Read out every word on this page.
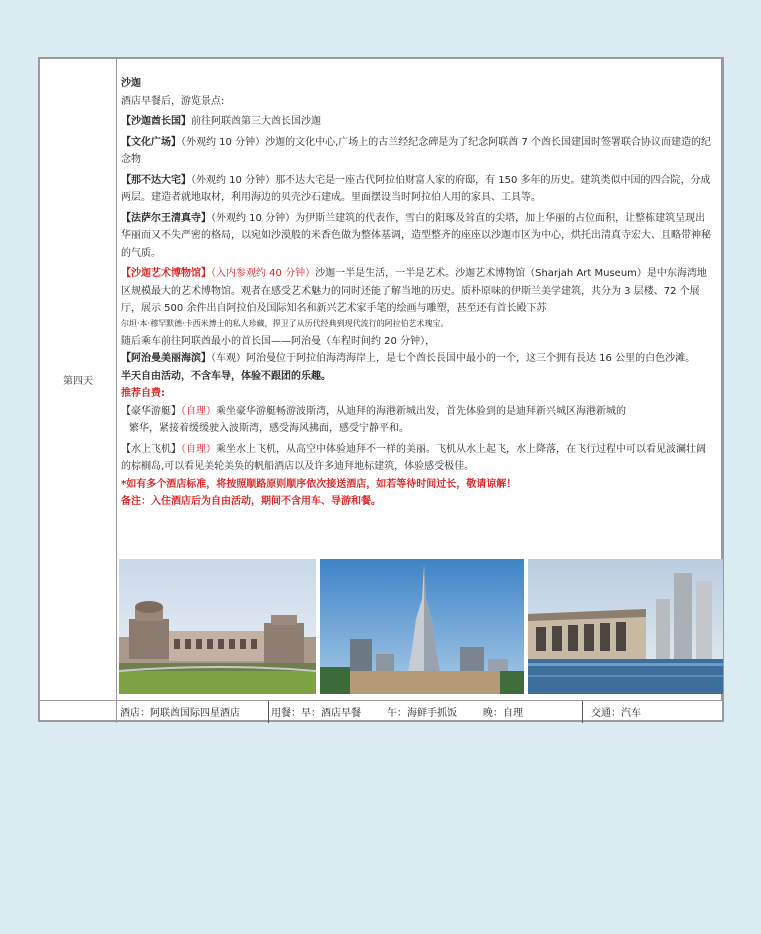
第四天

沙迦

酒店早餐后，游览景点:

【沙迦酋长国】前往阿联酋第三大酋长国沙迦

【文化广场】（外观约 10 分钟）沙迦的文化中心,广场上的古兰经纪念碑是为了纪念阿联酋 7 个酋长国建国时签署联合协议而建造的纪念物

【那不达大宅】（外观约 10 分钟）那不达大宅是一座古代阿拉伯财富人家的府邸，有 150 多年的历史。建筑类似中国的四合院，分成两层。建造者就地取材，利用海边的贝壳沙石建成。里面摆设当时阿拉伯人用的家具、工具等。

【法萨尔王清真寺】（外观约 10 分钟）为伊斯兰建筑的代表作，雪白的阳琢及耸直的尖塔，加上华丽的占位面积，让整栋建筑呈现出华丽而又不失严密的格局，以宛如沙漠般的米香色做为整体基调，造型整齐的座座以沙迦市区为中心，烘托出清真寺宏大、且略带神秘的气质。

【沙迦艺术博物馆】（入内参观约 40 分钟）沙迦一半是生活，一半是艺术。沙迦艺术博物馆（Sharjah Art Museum）是中东海湾地区规模最大的艺术博物馆。观者在感受艺术魅力的同时还能了解当地的历史。质朴原味的伊斯兰美学建筑，共分为 3 层楼、72 个展厅，展示 500 余件出自阿拉伯及国际知名和新兴艺术家手笔的绘画与雕塑，甚至还有首长殿下苏

尔坦·本·穆罕默德·卡西米博士的私人珍藏，捍卫了从历代经典到现代流行的阿拉伯艺术瑰宝。

随后乘车前往阿联酋最小的首长国——阿治曼（车程时间约 20 分钟），

【阿治曼美丽海滨】（车观）阿治曼位于阿拉伯海湾海岸上，是七个酋长長国中最小的一个，这三个拥有長达 16 公里的白色沙滩。

半天自由活动，不含车导，体验不跟团的乐趣。

推荐自费:

【豪华游艇】（自理）乘坐豪华游艇畅游波斯湾，从迪拜的海港新城出发，首先体验到的是迪拜新兴城区海港新城的

繁华，紧接着缓缓驶入波斯湾，感受海风拂面，感受宁静平和。

【水上飞机】（自理）乘坐水上飞机，从高空中体验迪拜不一样的美丽。飞机从水上起飞，水上降落，在飞行过程中可以看见波澜壮阔的棕榈岛,可以看见美轮美奂的帆船酒店以及许多迪拜地标建筑，体验感受极佳。

*如有多个酒店标准，将按照顺路原则顺序依次接送酒店，如若等待时间过长，敬请谅解！

备注：入住酒店后为自由活动，期间不含用车、导游和餐。

酒店：阿联酋国际四星酒店	用餐：早：酒店早餐	午：海鲜手抓饭	晚：自理	交通：汽车
